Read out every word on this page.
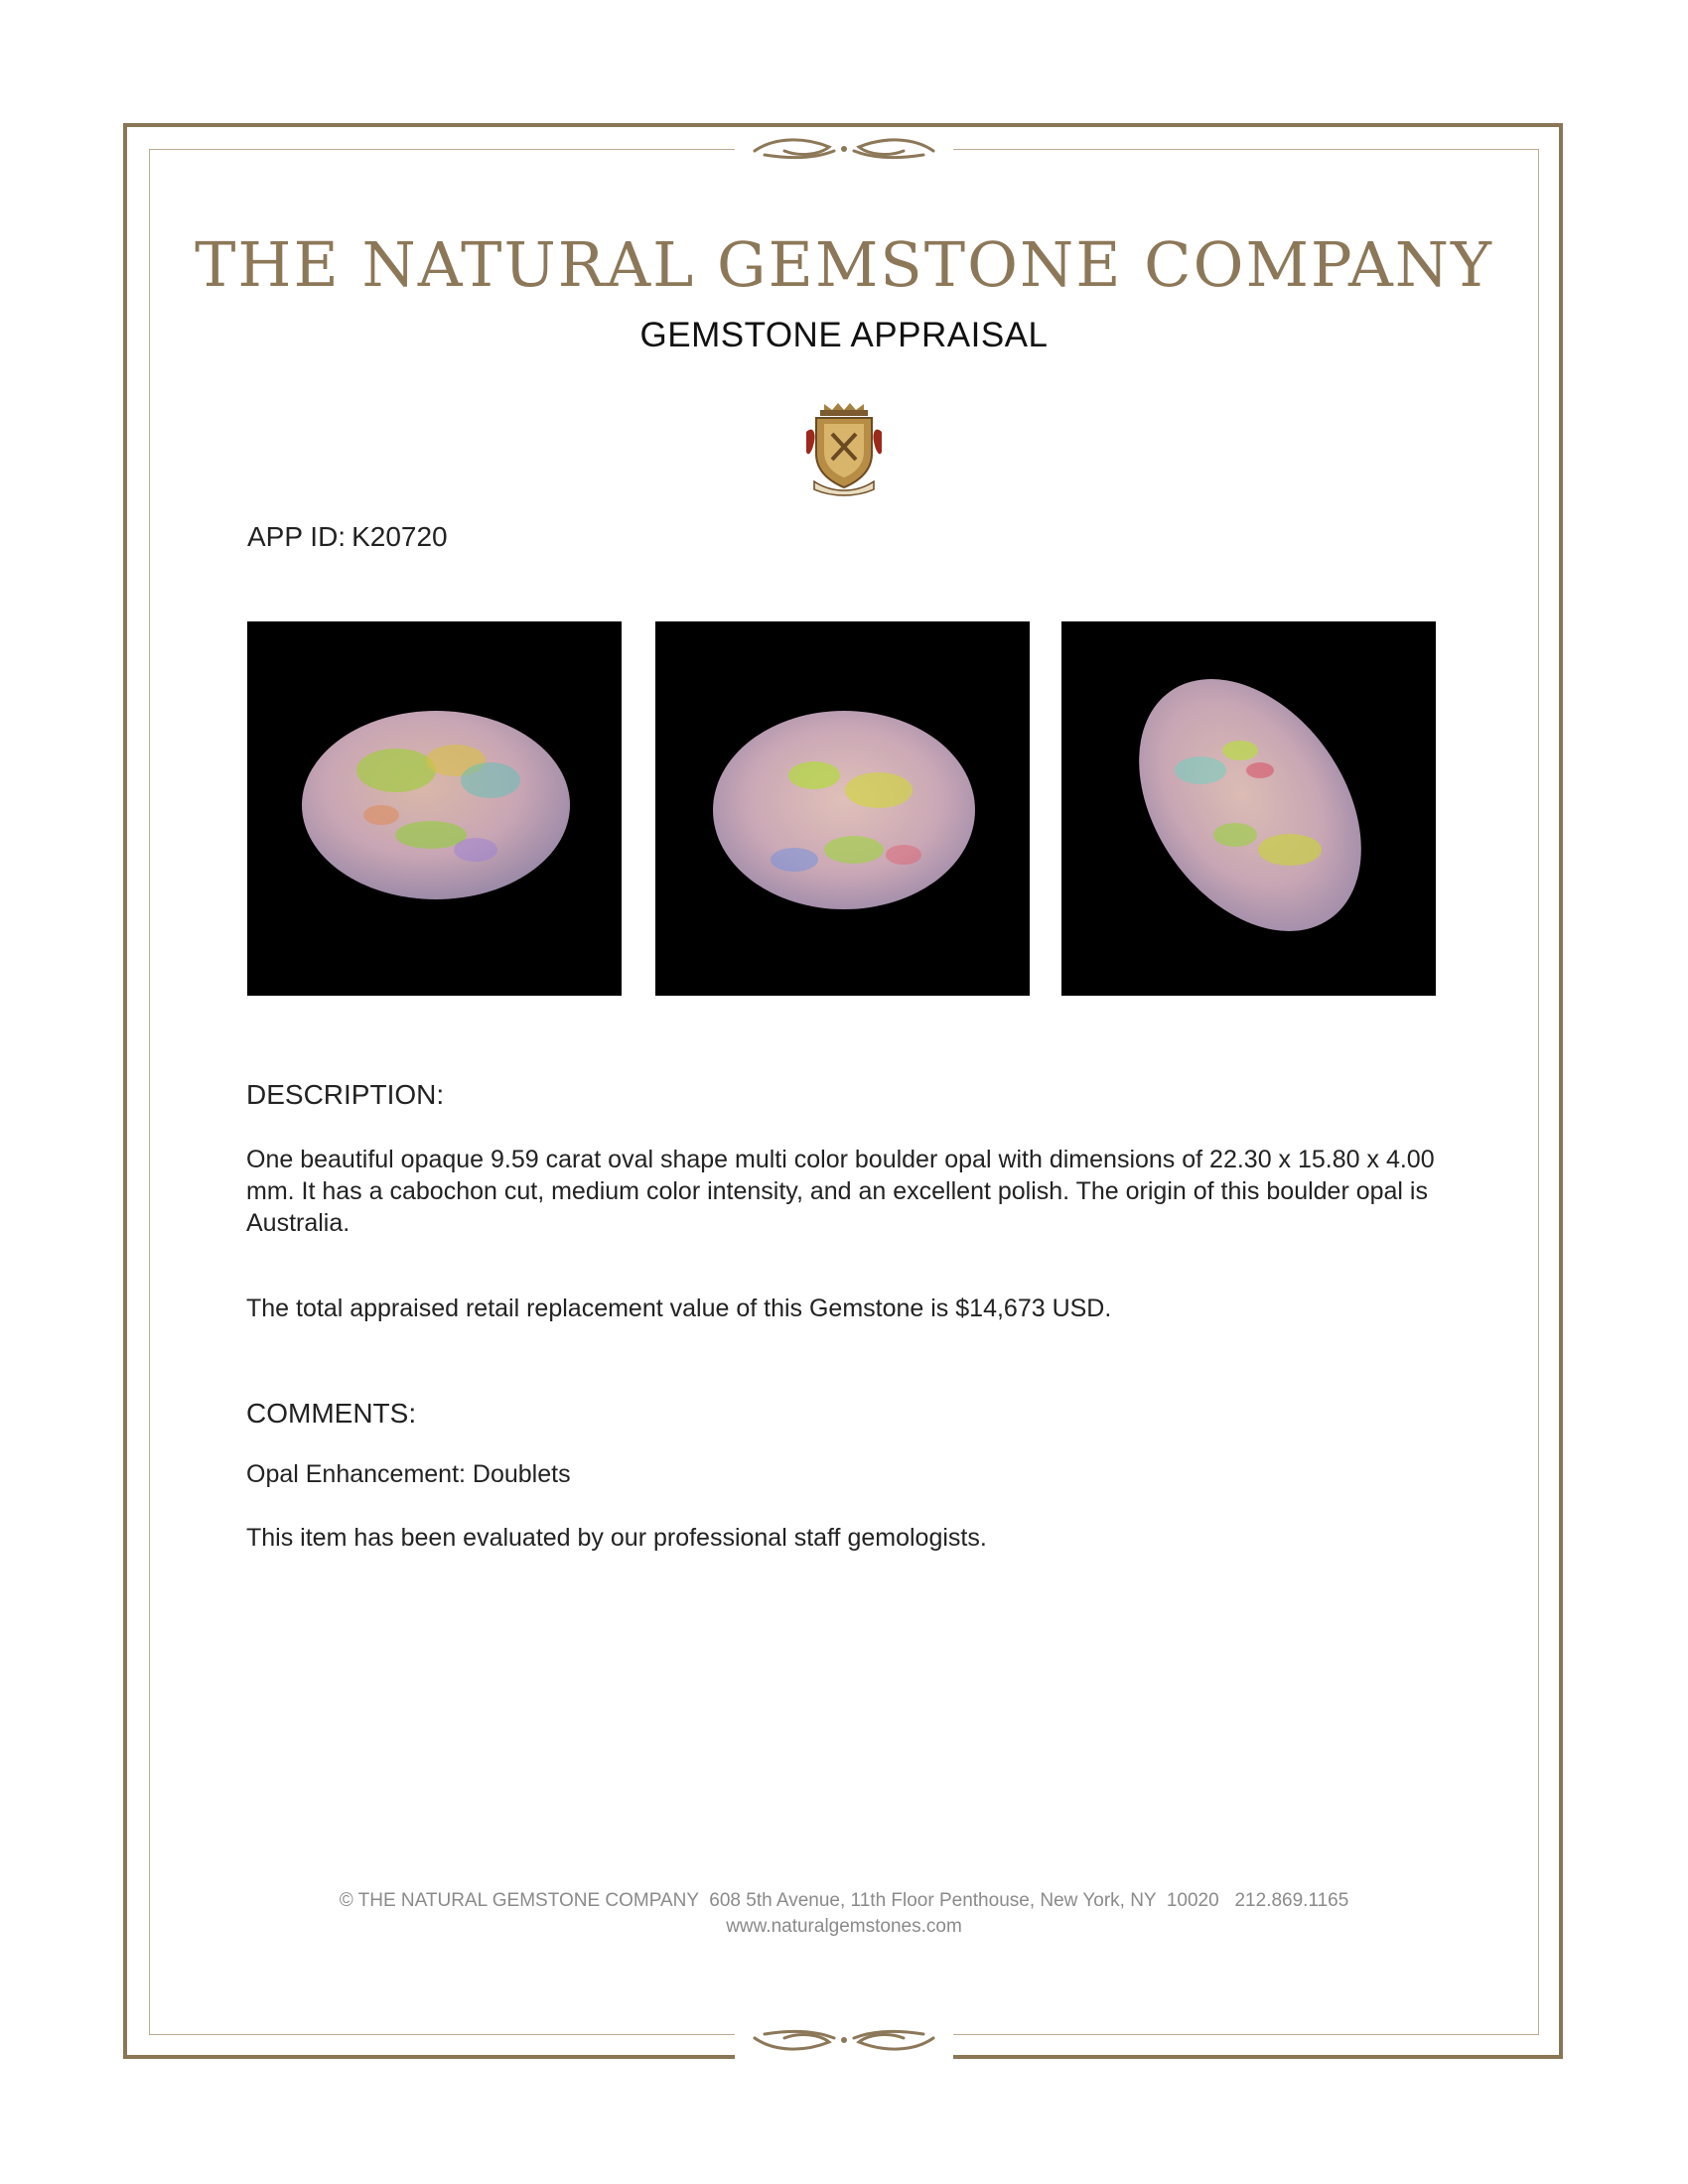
THE NATURAL GEMSTONE COMPANY
GEMSTONE APPRAISAL
APP ID: K20720
DESCRIPTION:
One beautiful opaque 9.59 carat oval shape multi color boulder opal with dimensions of 22.30 x 15.80 x 4.00 mm. It has a cabochon cut, medium color intensity, and an excellent polish. The origin of this boulder opal is Australia.
The total appraised retail replacement value of this Gemstone is $14,673 USD.
COMMENTS:
Opal Enhancement: Doublets
This item has been evaluated by our professional staff gemologists.
© THE NATURAL GEMSTONE COMPANY  608 5th Avenue, 11th Floor Penthouse, New York, NY  10020   212.869.1165
www.naturalgemstones.com
